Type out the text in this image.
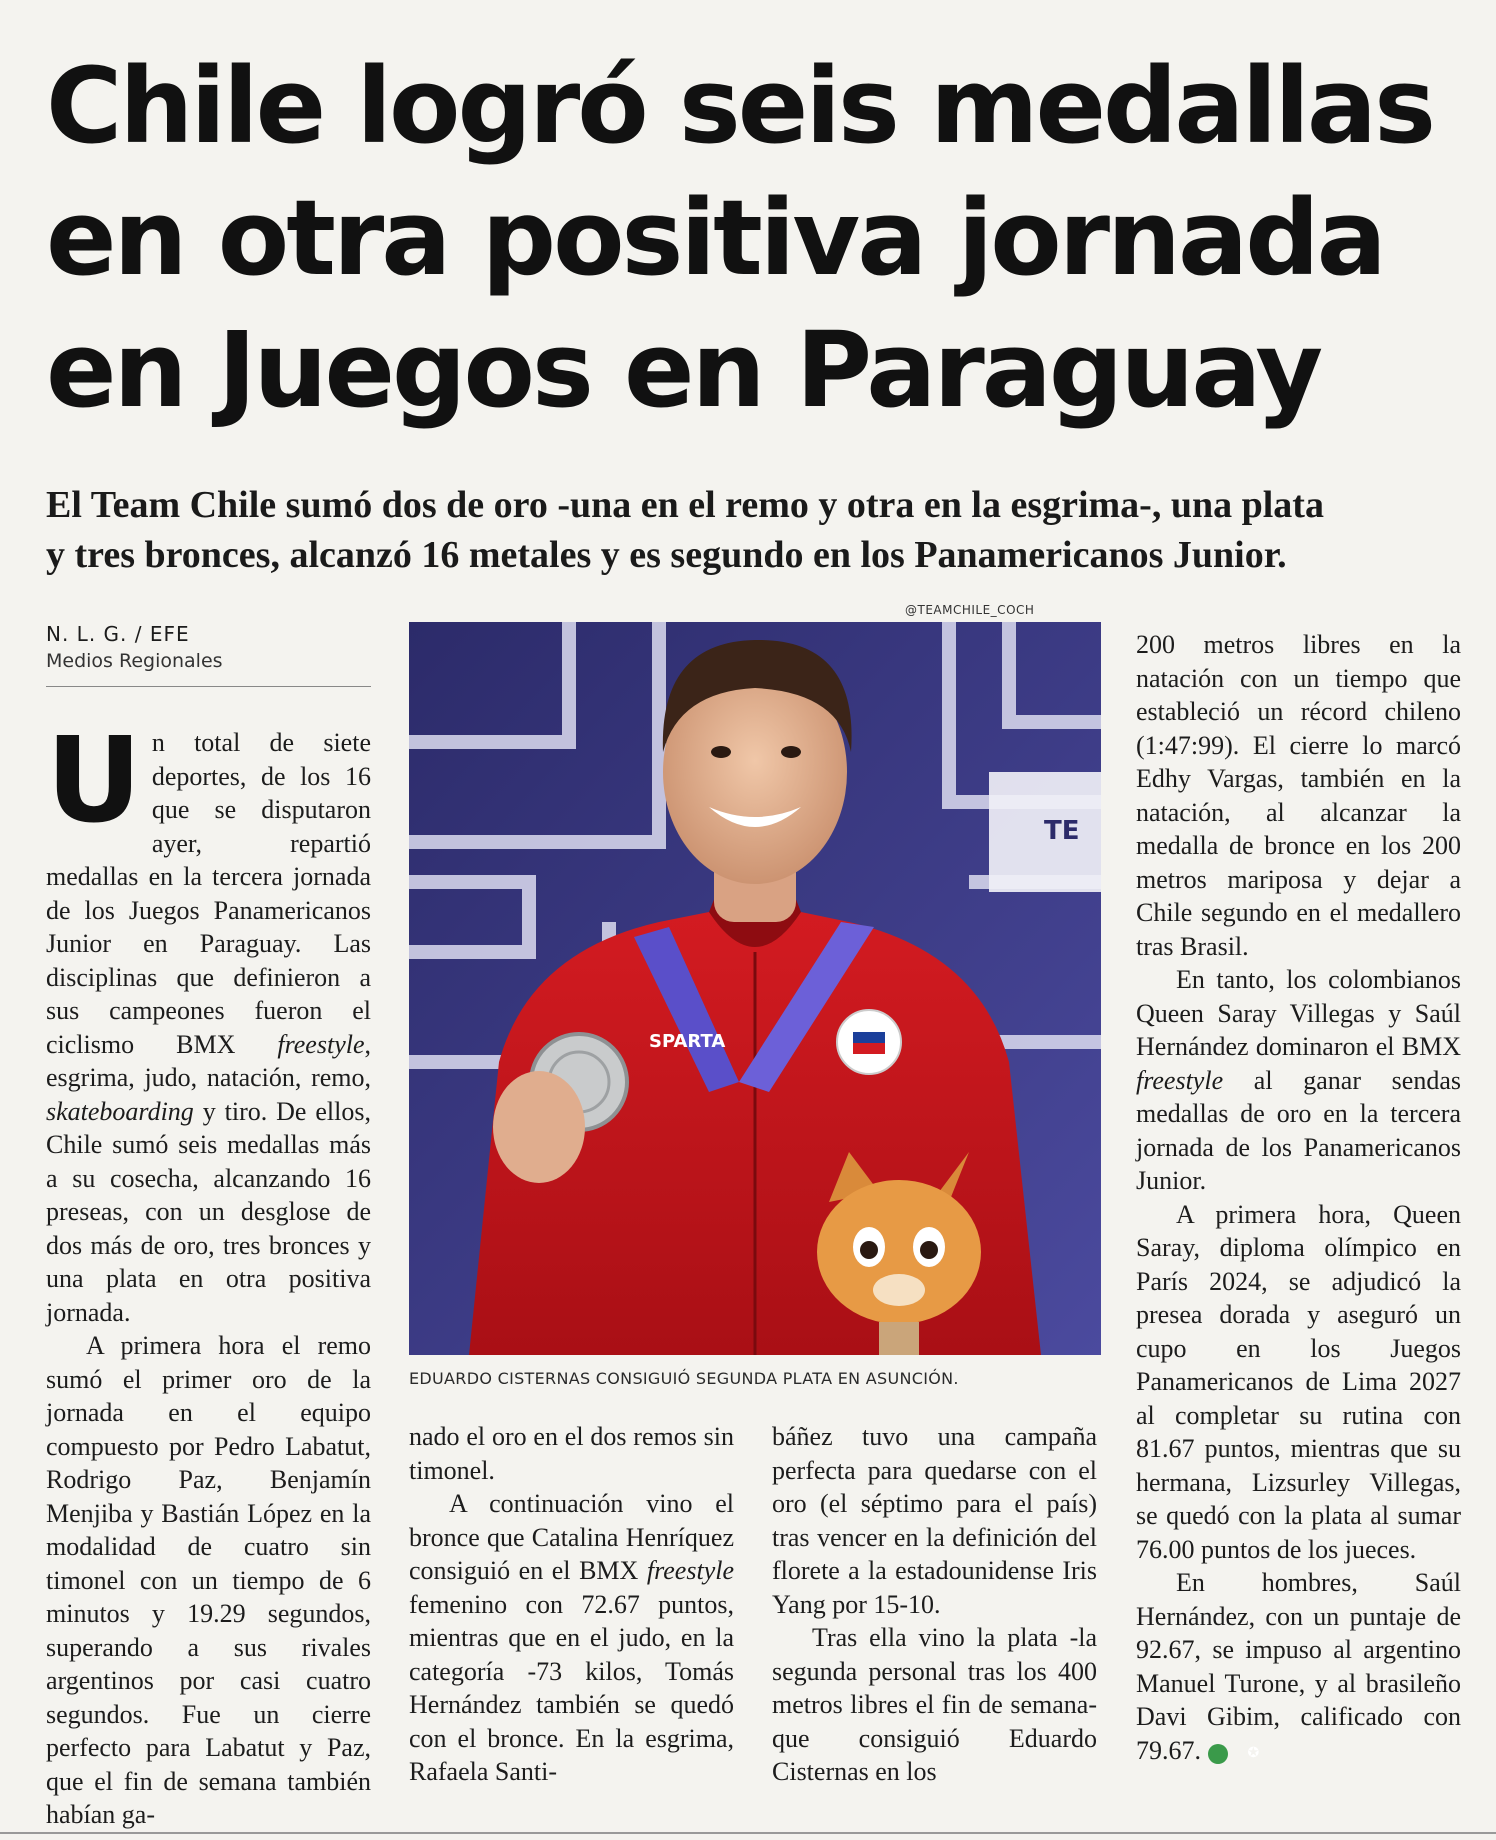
Chile logró seis medallas
en otra positiva jornada
en Juegos en Paraguay
El Team Chile sumó dos de oro -una en el remo y otra en la esgrima-, una plata
y tres bronces, alcanzó 16 metales y es segundo en los Panamericanos Junior.
N. L. G. / EFE
Medios Regionales

Un total de siete deportes, de los 16 que se disputaron ayer, repartió medallas en la tercera jornada de los Juegos Panamericanos Junior en Paraguay. Las disciplinas que definieron a sus campeones fueron el ciclismo BMX freestyle, esgrima, judo, natación, remo, skateboarding y tiro. De ellos, Chile sumó seis medallas más a su cosecha, alcanzando 16 preseas, con un desglose de dos más de oro, tres bronces y una plata en otra positiva jornada.

A primera hora el remo sumó el primer oro de la jornada en el equipo compuesto por Pedro Labatut, Rodrigo Paz, Benjamín Menjiba y Bastián López en la modalidad de cuatro sin timonel con un tiempo de 6 minutos y 19.29 segundos, superando a sus rivales argentinos por casi cuatro segundos. Fue un cierre perfecto para Labatut y Paz, que el fin de semana también habían ga-

@TEAMCHILE_COCH
TE
SPARTA
EDUARDO CISTERNAS CONSIGUIÓ SEGUNDA PLATA EN ASUNCIÓN.

nado el oro en el dos remos sin timonel.

A continuación vino el bronce que Catalina Henríquez consiguió en el BMX freestyle femenino con 72.67 puntos, mientras que en el judo, en la categoría -73 kilos, Tomás Hernández también se quedó con el bronce. En la esgrima, Rafaela Santi-

báñez tuvo una campaña perfecta para quedarse con el oro (el séptimo para el país) tras vencer en la definición del florete a la estadounidense Iris Yang por 15-10.

Tras ella vino la plata -la segunda personal tras los 400 metros libres el fin de semana- que consiguió Eduardo Cisternas en los

200 metros libres en la natación con un tiempo que estableció un récord chileno (1:47:99). El cierre lo marcó Edhy Vargas, también en la natación, al alcanzar la medalla de bronce en los 200 metros mariposa y dejar a Chile segundo en el medallero tras Brasil.

En tanto, los colombianos Queen Saray Villegas y Saúl Hernández dominaron el BMX freestyle al ganar sendas medallas de oro en la tercera jornada de los Panamericanos Junior.

A primera hora, Queen Saray, diploma olímpico en París 2024, se adjudicó la presea dorada y aseguró un cupo en los Juegos Panamericanos de Lima 2027 al completar su rutina con 81.67 puntos, mientras que su hermana, Lizsurley Villegas, se quedó con la plata al sumar 76.00 puntos de los jueces.

En hombres, Saúl Hernández, con un puntaje de 92.67, se impuso al argentino Manuel Turone, y al brasileño Davi Gibim, calificado con 79.67.	✪
